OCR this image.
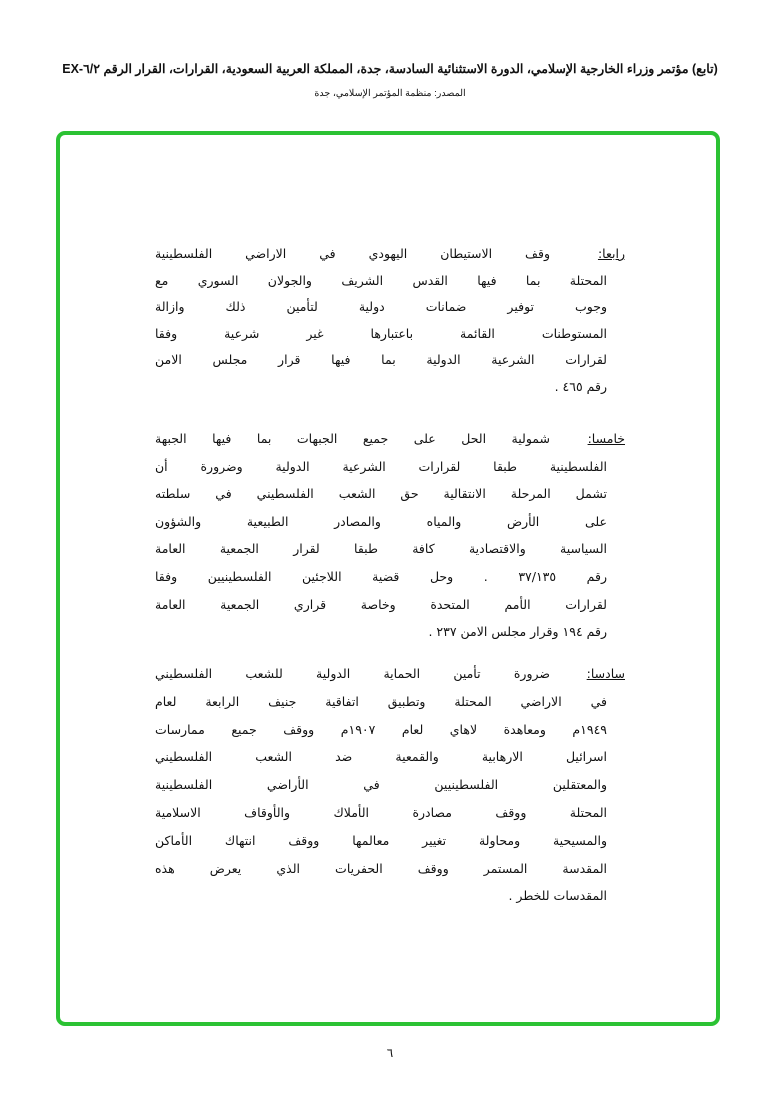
(تابع) مؤتمر وزراء الخارجية الإسلامي، الدورة الاستثنائية السادسة، جدة، المملكة العربية السعودية، القرارات، القرار الرقم ٦/٢-EX
المصدر: منظمة المؤتمر الإسلامي، جدة
رابعا:
وقف الاستيطان اليهودي في الاراضي الفلسطينية
المحتلة بما فيها القدس الشريف والجولان السوري مع
وجوب توفير ضمانات دولية لتأمين ذلك وازالة
المستوطنات القائمة باعتبارها غير شرعية وفقا
لقرارات الشرعية الدولية بما فيها قرار مجلس الامن
رقم ٤٦٥ .
خامسا:
شمولية الحل على جميع الجبهات بما فيها الجبهة
الفلسطينية طبقا لقرارات الشرعية الدولية وضرورة أن
تشمل المرحلة الانتقالية حق الشعب الفلسطيني في سلطته
على الأرض والمياه والمصادر الطبيعية والشؤون
السياسية والاقتصادية كافة طبقا لقرار الجمعية العامة
رقم ٣٧/١٣٥ . وحل قضية اللاجئين الفلسطينيين وفقا
لقرارات الأمم المتحدة وخاصة قراري الجمعية العامة
رقم ١٩٤ وقرار مجلس الامن ٢٣٧ .
سادسا:
ضرورة تأمين الحماية الدولية للشعب الفلسطيني
في الاراضي المحتلة وتطبيق اتفاقية جنيف الرابعة لعام
١٩٤٩م ومعاهدة لاهاي لعام ١٩٠٧م ووقف جميع ممارسات
اسرائيل الارهابية والقمعية ضد الشعب الفلسطيني
والمعتقلين الفلسطينيين في الأراضي الفلسطينية
المحتلة ووقف مصادرة الأملاك والأوقاف الاسلامية
والمسيحية ومحاولة تغيير معالمها ووقف انتهاك الأماكن
المقدسة المستمر ووقف الحفريات الذي يعرض هذه
المقدسات للخطر .
٦
